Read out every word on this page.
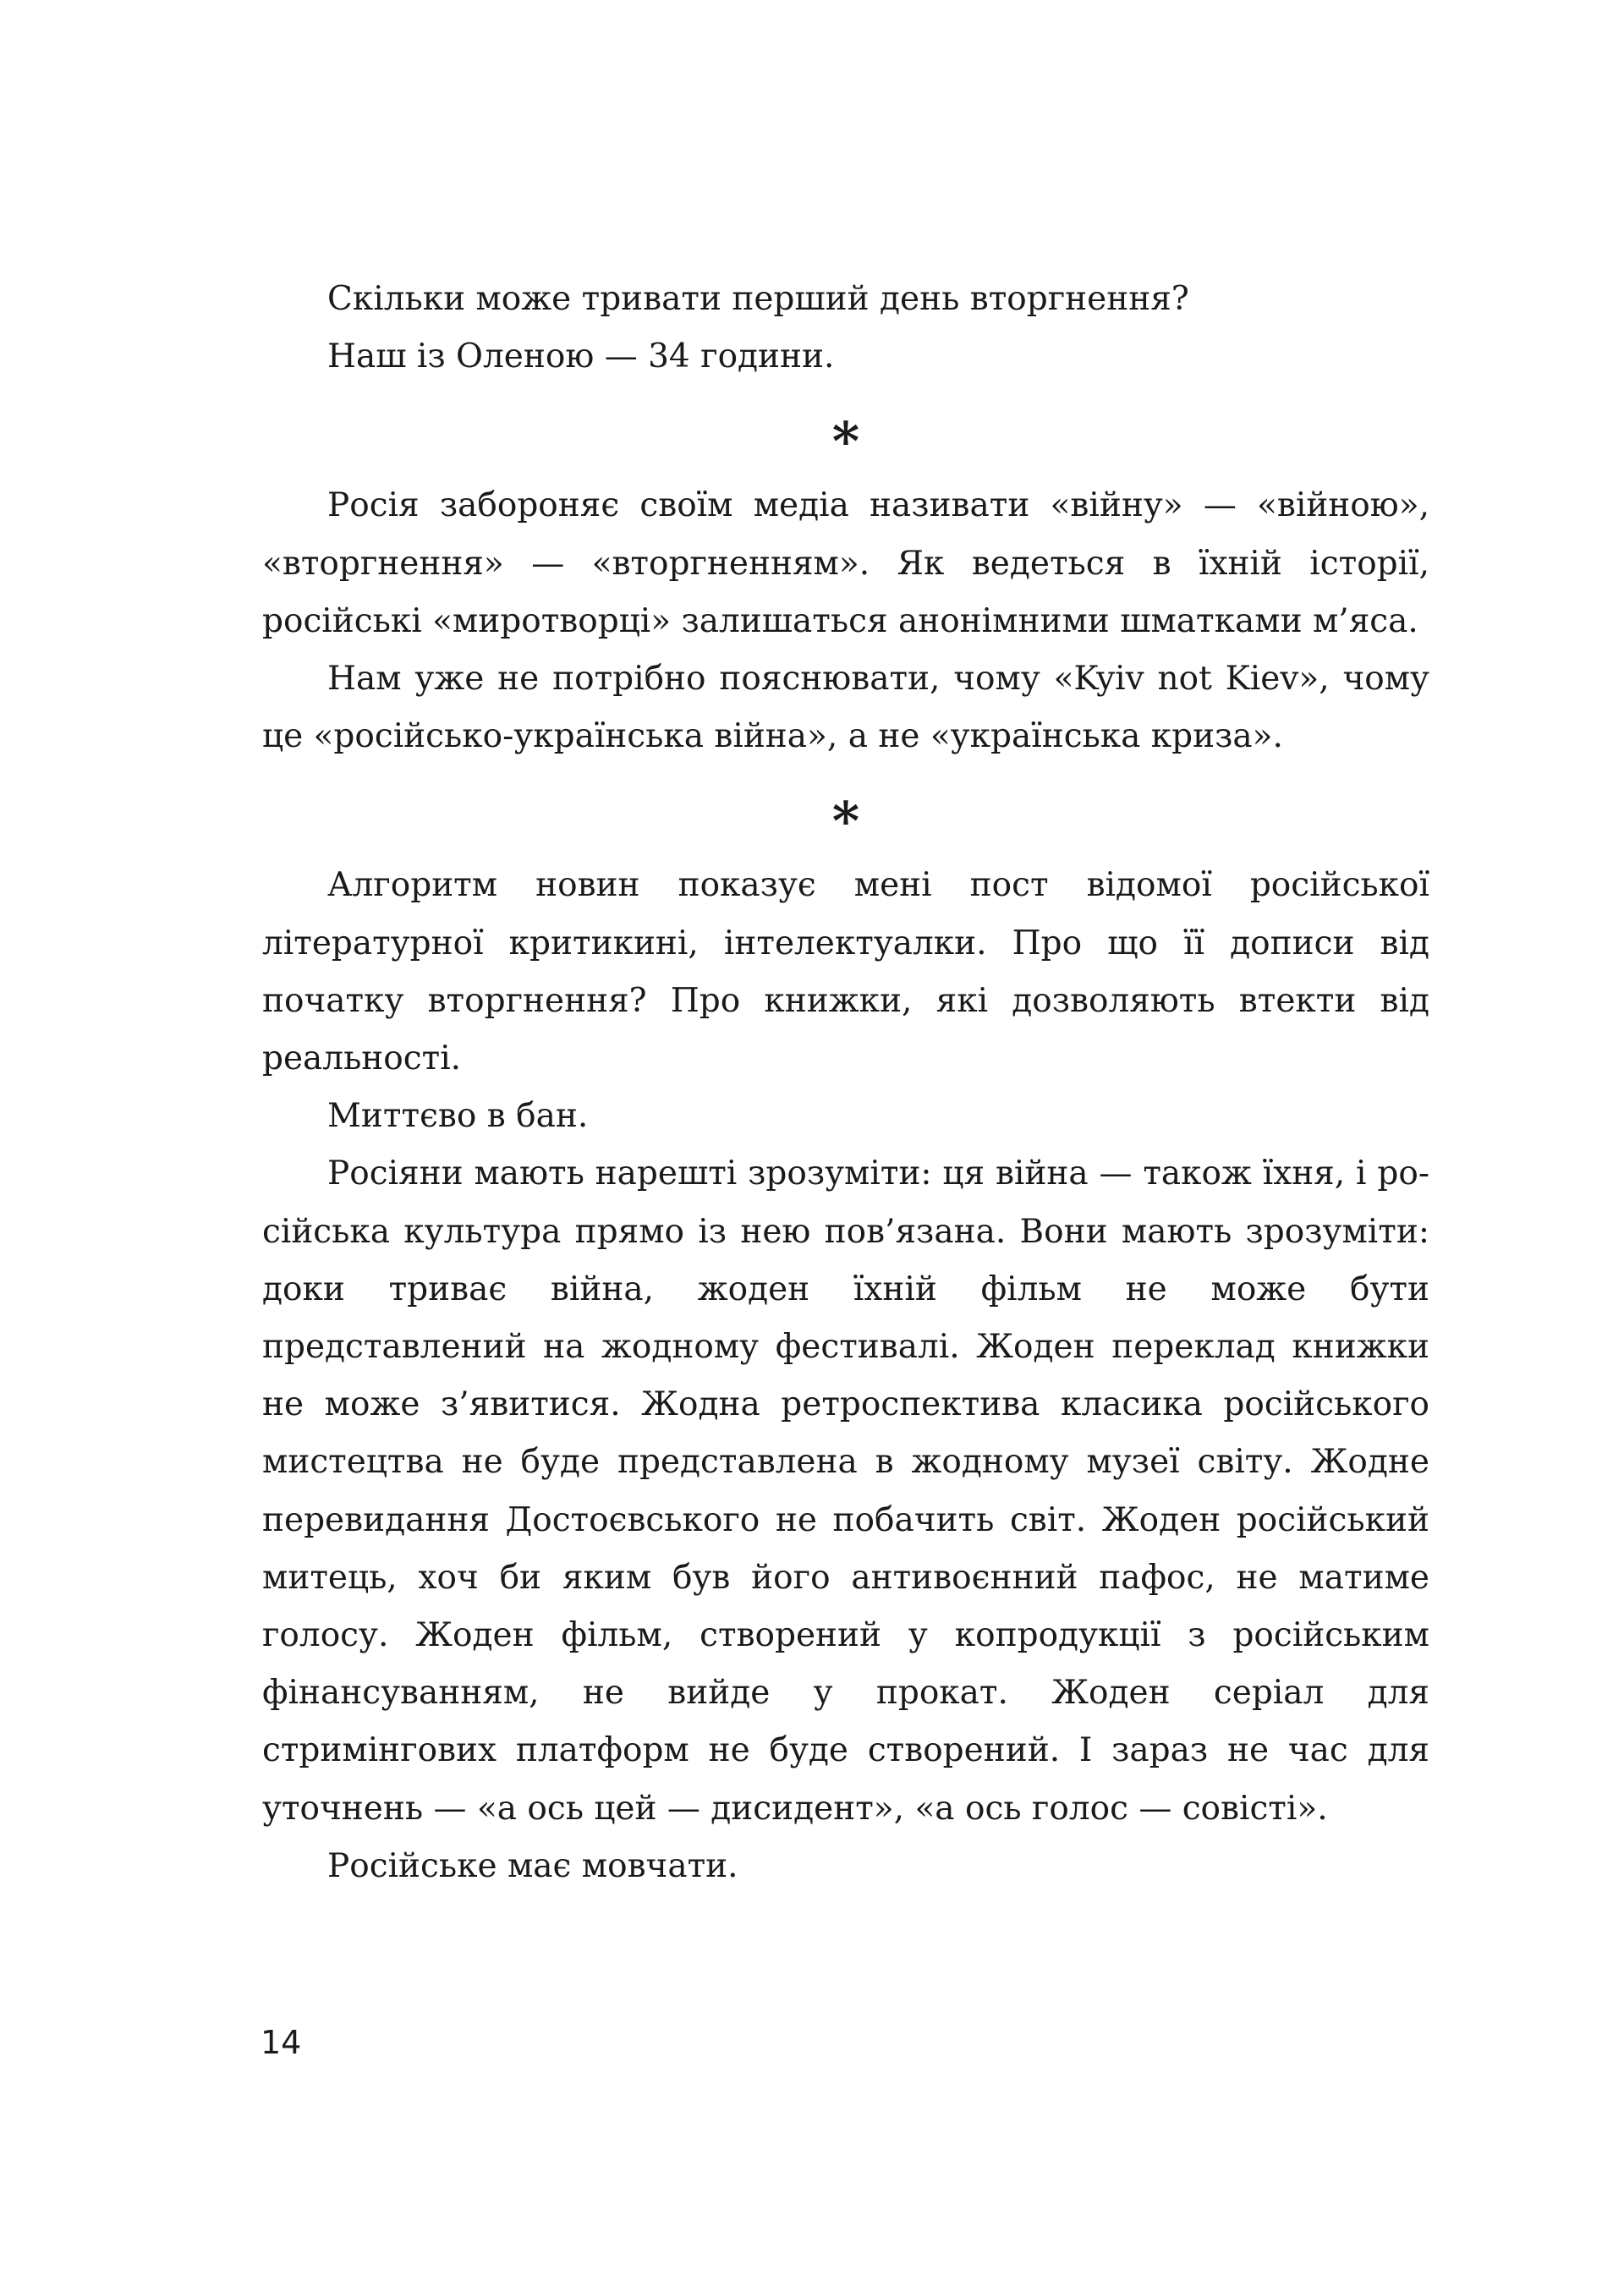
Скільки може тривати перший день вторгнення?

Наш із Оленою — 34 години.

*

Росія забороняє своїм медіа називати «війну» — «війною», «вторгнення» — «вторгненням». Як ведеться в їхній історії, російські «миротворці» залишаться анонімними шматками м’яса.

Нам уже не потрібно пояснювати, чому «Kyiv not Kiev», чому це «російсько-українська війна», а не «українська криза».

*

Алгоритм новин показує мені пост відомої російської літературної критикині, інтелектуалки. Про що її дописи від початку вторгнення? Про книжки, які дозволяють втекти від реальності.

Миттєво в бан.

Росіяни мають нарешті зрозуміти: ця війна — також їхня, і російська культура прямо із нею пов’язана. Вони мають зрозуміти: доки триває війна, жоден їхній фільм не може бути представлений на жодному фестивалі. Жоден переклад книжки не може з’явитися. Жодна ретроспектива класика російського мистецтва не буде представлена в жодному музеї світу. Жодне перевидання Достоєвського не побачить світ. Жоден російський митець, хоч би яким був його антивоєнний пафос, не матиме голосу. Жоден фільм, створений у копродукції з російським фінансуванням, не вийде у прокат. Жоден серіал для стримінгових платформ не буде створений. І зараз не час для уточнень — «а ось цей — дисидент», «а ось голос — совісті».

Російське має мовчати.

14
